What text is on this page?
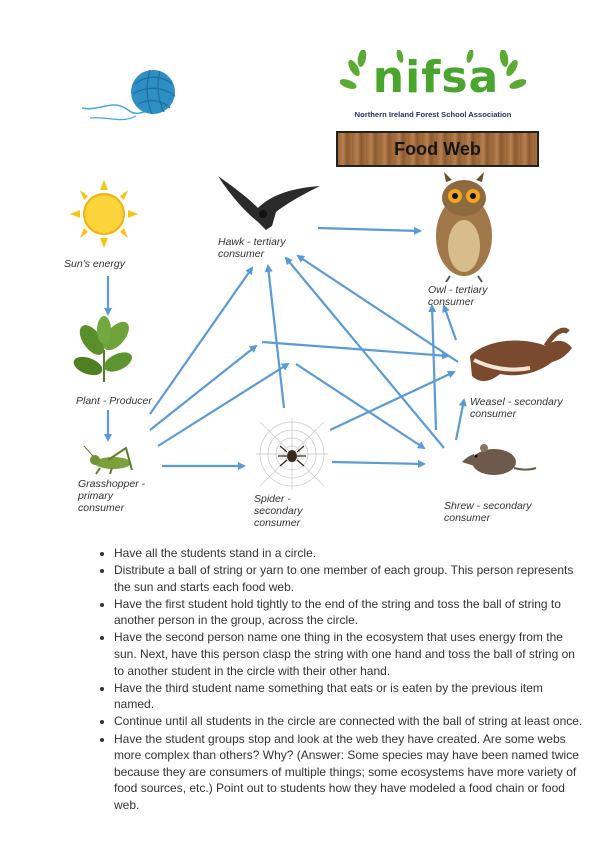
nifsa
Northern Ireland Forest School Association
Food Web
Sun's energy
Plant - Producer
Grasshopper -
primary
consumer
Hawk - tertiary
consumer
Spider -
secondary
consumer
Owl - tertiary
consumer
Weasel - secondary
consumer
Shrew - secondary
consumer
• Have all the students stand in a circle.
• Distribute a ball of string or yarn to one member of each group. This person represents the sun and starts each food web.
• Have the first student hold tightly to the end of the string and toss the ball of string to another person in the group, across the circle.
• Have the second person name one thing in the ecosystem that uses energy from the sun. Next, have this person clasp the string with one hand and toss the ball of string on to another student in the circle with their other hand.
• Have the third student name something that eats or is eaten by the previous item named.
• Continue until all students in the circle are connected with the ball of string at least once.
• Have the student groups stop and look at the web they have created. Are some webs more complex than others? Why? (Answer: Some species may have been named twice because they are consumers of multiple things; some ecosystems have more variety of food sources, etc.) Point out to students how they have modeled a food chain or food web.
